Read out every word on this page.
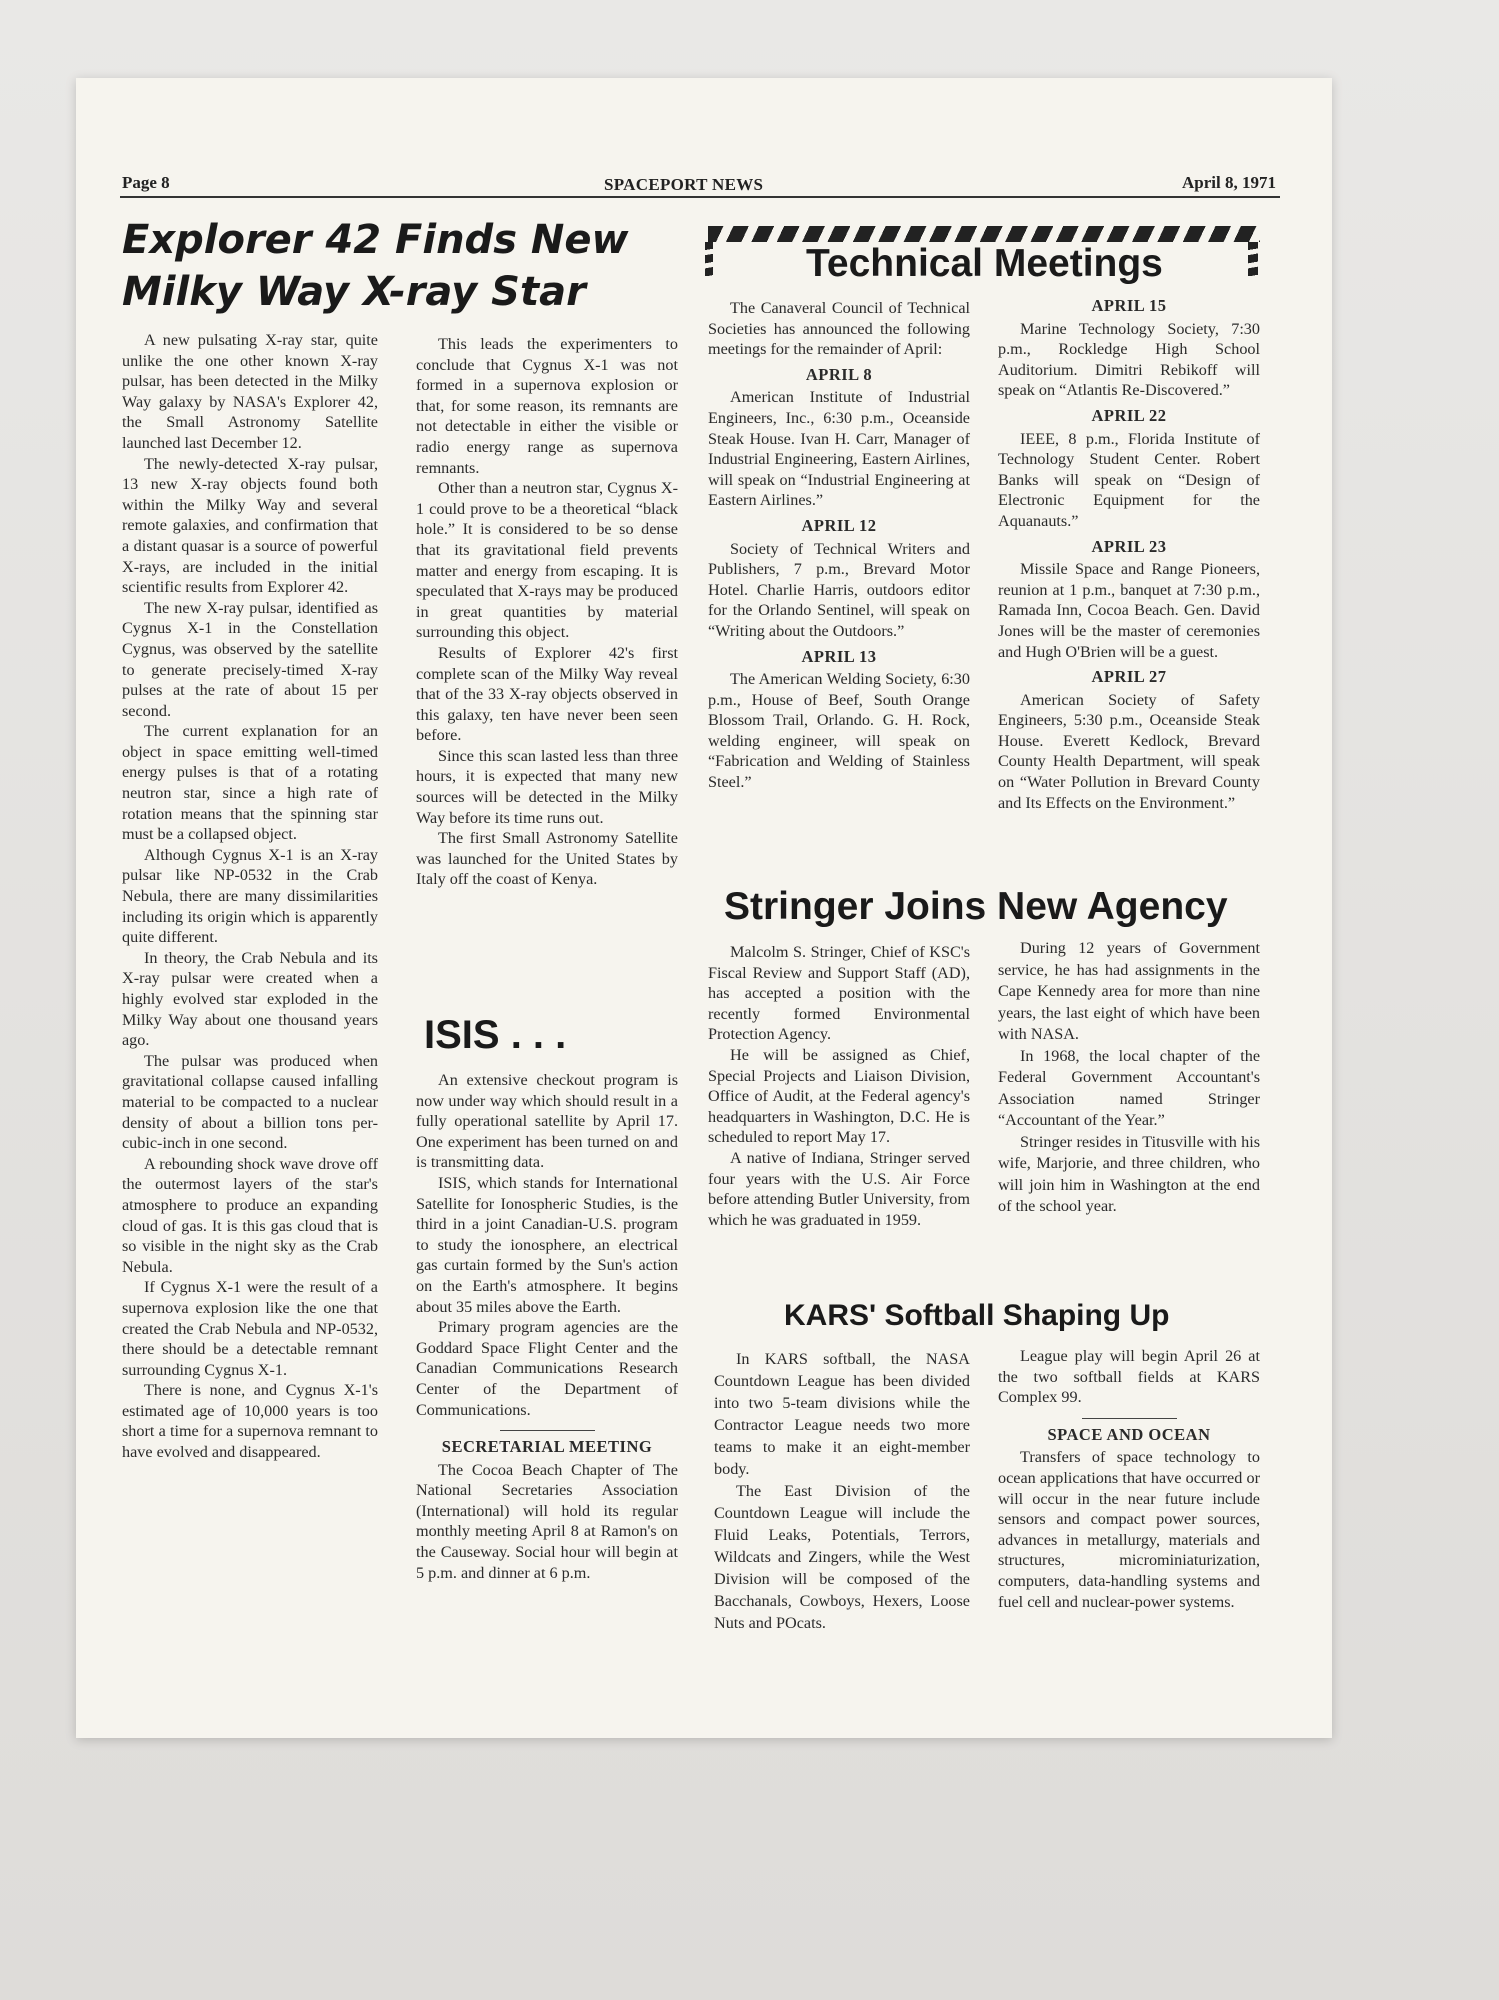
Page 8	SPACEPORT NEWS	April 8, 1971
Explorer 42 Finds New
Milky Way X-ray Star

A new pulsating X-ray star, quite unlike the one other known X-ray pulsar, has been detected in the Milky Way galaxy by NASA's Explorer 42, the Small Astronomy Satellite launched last December 12.

The newly-detected X-ray pulsar, 13 new X-ray objects found both within the Milky Way and several remote galaxies, and confirmation that a distant quasar is a source of powerful X-rays, are included in the initial scientific results from Explorer 42.

The new X-ray pulsar, identified as Cygnus X-1 in the Constellation Cygnus, was observed by the satellite to generate precisely-timed X-ray pulses at the rate of about 15 per second.

The current explanation for an object in space emitting well-timed energy pulses is that of a rotating neutron star, since a high rate of rotation means that the spinning star must be a collapsed object.

Although Cygnus X-1 is an X-ray pulsar like NP-0532 in the Crab Nebula, there are many dissimilarities including its origin which is apparently quite different.

In theory, the Crab Nebula and its X-ray pulsar were created when a highly evolved star exploded in the Milky Way about one thousand years ago.

The pulsar was produced when gravitational collapse caused infalling material to be compacted to a nuclear density of about a billion tons per-cubic-inch in one second.

A rebounding shock wave drove off the outermost layers of the star's atmosphere to produce an expanding cloud of gas. It is this gas cloud that is so visible in the night sky as the Crab Nebula.

If Cygnus X-1 were the result of a supernova explosion like the one that created the Crab Nebula and NP-0532, there should be a detectable remnant surrounding Cygnus X-1.

There is none, and Cygnus X-1's estimated age of 10,000 years is too short a time for a supernova remnant to have evolved and disappeared.

This leads the experimenters to conclude that Cygnus X-1 was not formed in a supernova explosion or that, for some reason, its remnants are not detectable in either the visible or radio energy range as supernova remnants.

Other than a neutron star, Cygnus X-1 could prove to be a theoretical “black hole.” It is considered to be so dense that its gravitational field prevents matter and energy from escaping. It is speculated that X-rays may be produced in great quantities by material surrounding this object.

Results of Explorer 42's first complete scan of the Milky Way reveal that of the 33 X-ray objects observed in this galaxy, ten have never been seen before.

Since this scan lasted less than three hours, it is expected that many new sources will be detected in the Milky Way before its time runs out.

The first Small Astronomy Satellite was launched for the United States by Italy off the coast of Kenya.

ISIS . . .

An extensive checkout program is now under way which should result in a fully operational satellite by April 17. One experiment has been turned on and is transmitting data.

ISIS, which stands for International Satellite for Ionospheric Studies, is the third in a joint Canadian-U.S. program to study the ionosphere, an electrical gas curtain formed by the Sun's action on the Earth's atmosphere. It begins about 35 miles above the Earth.

Primary program agencies are the Goddard Space Flight Center and the Canadian Communications Research Center of the Department of Communications.

SECRETARIAL MEETING

The Cocoa Beach Chapter of The National Secretaries Association (International) will hold its regular monthly meeting April 8 at Ramon's on the Causeway. Social hour will begin at 5 p.m. and dinner at 6 p.m.

Technical Meetings

The Canaveral Council of Technical Societies has announced the following meetings for the remainder of April:

APRIL 8

American Institute of Industrial Engineers, Inc., 6:30 p.m., Oceanside Steak House. Ivan H. Carr, Manager of Industrial Engineering, Eastern Airlines, will speak on “Industrial Engineering at Eastern Airlines.”

APRIL 12

Society of Technical Writers and Publishers, 7 p.m., Brevard Motor Hotel. Charlie Harris, outdoors editor for the Orlando Sentinel, will speak on “Writing about the Outdoors.”

APRIL 13

The American Welding Society, 6:30 p.m., House of Beef, South Orange Blossom Trail, Orlando. G. H. Rock, welding engineer, will speak on “Fabrication and Welding of Stainless Steel.”

APRIL 15

Marine Technology Society, 7:30 p.m., Rockledge High School Auditorium. Dimitri Rebikoff will speak on “Atlantis Re-Discovered.”

APRIL 22

IEEE, 8 p.m., Florida Institute of Technology Student Center. Robert Banks will speak on “Design of Electronic Equipment for the Aquanauts.”

APRIL 23

Missile Space and Range Pioneers, reunion at 1 p.m., banquet at 7:30 p.m., Ramada Inn, Cocoa Beach. Gen. David Jones will be the master of ceremonies and Hugh O'Brien will be a guest.

APRIL 27

American Society of Safety Engineers, 5:30 p.m., Oceanside Steak House. Everett Kedlock, Brevard County Health Department, will speak on “Water Pollution in Brevard County and Its Effects on the Environment.”

Stringer Joins New Agency

Malcolm S. Stringer, Chief of KSC's Fiscal Review and Support Staff (AD), has accepted a position with the recently formed Environmental Protection Agency.

He will be assigned as Chief, Special Projects and Liaison Division, Office of Audit, at the Federal agency's headquarters in Washington, D.C. He is scheduled to report May 17.

A native of Indiana, Stringer served four years with the U.S. Air Force before attending Butler University, from which he was graduated in 1959.

During 12 years of Government service, he has had assignments in the Cape Kennedy area for more than nine years, the last eight of which have been with NASA.

In 1968, the local chapter of the Federal Government Accountant's Association named Stringer “Accountant of the Year.”

Stringer resides in Titusville with his wife, Marjorie, and three children, who will join him in Washington at the end of the school year.

KARS' Softball Shaping Up

In KARS softball, the NASA Countdown League has been divided into two 5-team divisions while the Contractor League needs two more teams to make it an eight-member body.

The East Division of the Countdown League will include the Fluid Leaks, Potentials, Terrors, Wildcats and Zingers, while the West Division will be composed of the Bacchanals, Cowboys, Hexers, Loose Nuts and POcats.

League play will begin April 26 at the two softball fields at KARS Complex 99.

SPACE AND OCEAN

Transfers of space technology to ocean applications that have occurred or will occur in the near future include sensors and compact power sources, advances in metallurgy, materials and structures, microminiaturization, computers, data-handling systems and fuel cell and nuclear-power systems.
